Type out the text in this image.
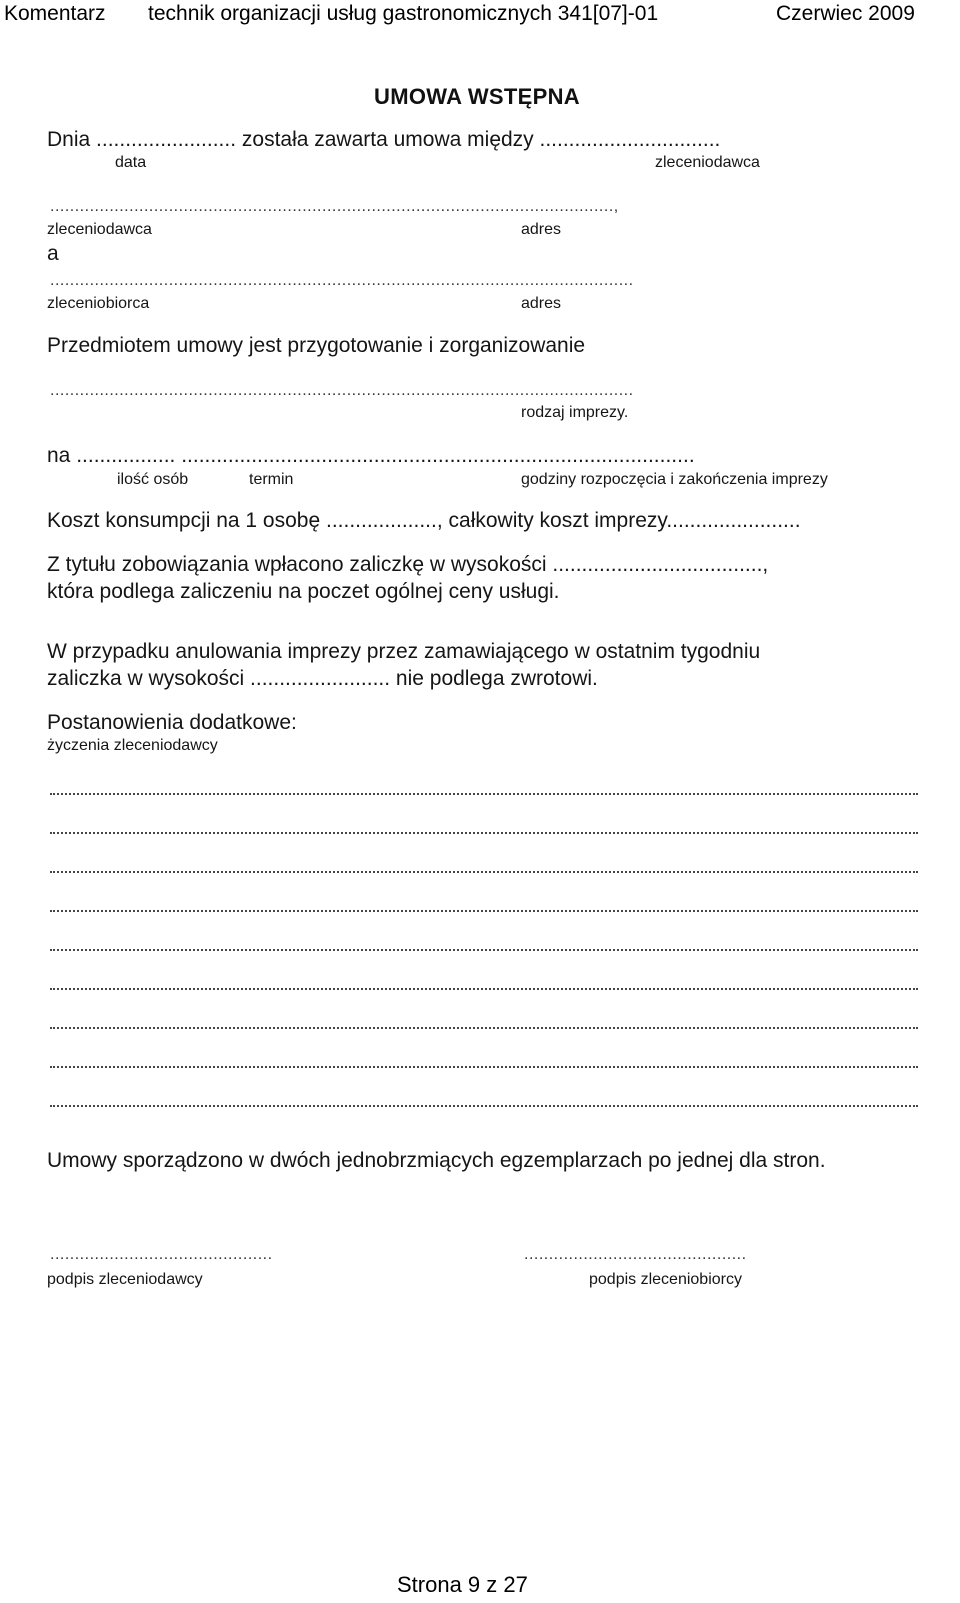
Komentarz technik organizacji usług gastronomicznych 341[07]-01	Czerwiec 2009
UMOWA WSTĘPNA
Dnia ........................ została zawarta umowa między ...............................
data	zleceniodawca
..................................................................................................................,
zleceniodawca	adres
a
......................................................................................................................
zleceniobiorca	adres
Przedmiotem umowy jest przygotowanie i zorganizowanie
......................................................................................................................
rodzaj imprezy.
na ................. ........................................................................................
ilość osób	termin	godziny rozpoczęcia i zakończenia imprezy
Koszt konsumpcji na 1 osobę ..................., całkowity koszt imprezy.......................
Z tytułu zobowiązania wpłacono zaliczkę w wysokości ....................................,
która podlega zaliczeniu na poczet ogólnej ceny usługi.
W przypadku anulowania imprezy przez zamawiającego w ostatnim tygodniu
zaliczka w wysokości ........................ nie podlega zwrotowi.
Postanowienia dodatkowe:
życzenia zleceniodawcy
Umowy sporządzono w dwóch jednobrzmiących egzemplarzach po jednej dla stron.
.............................................	.............................................
podpis zleceniodawcy	podpis zleceniobiorcy
Strona 9 z 27
